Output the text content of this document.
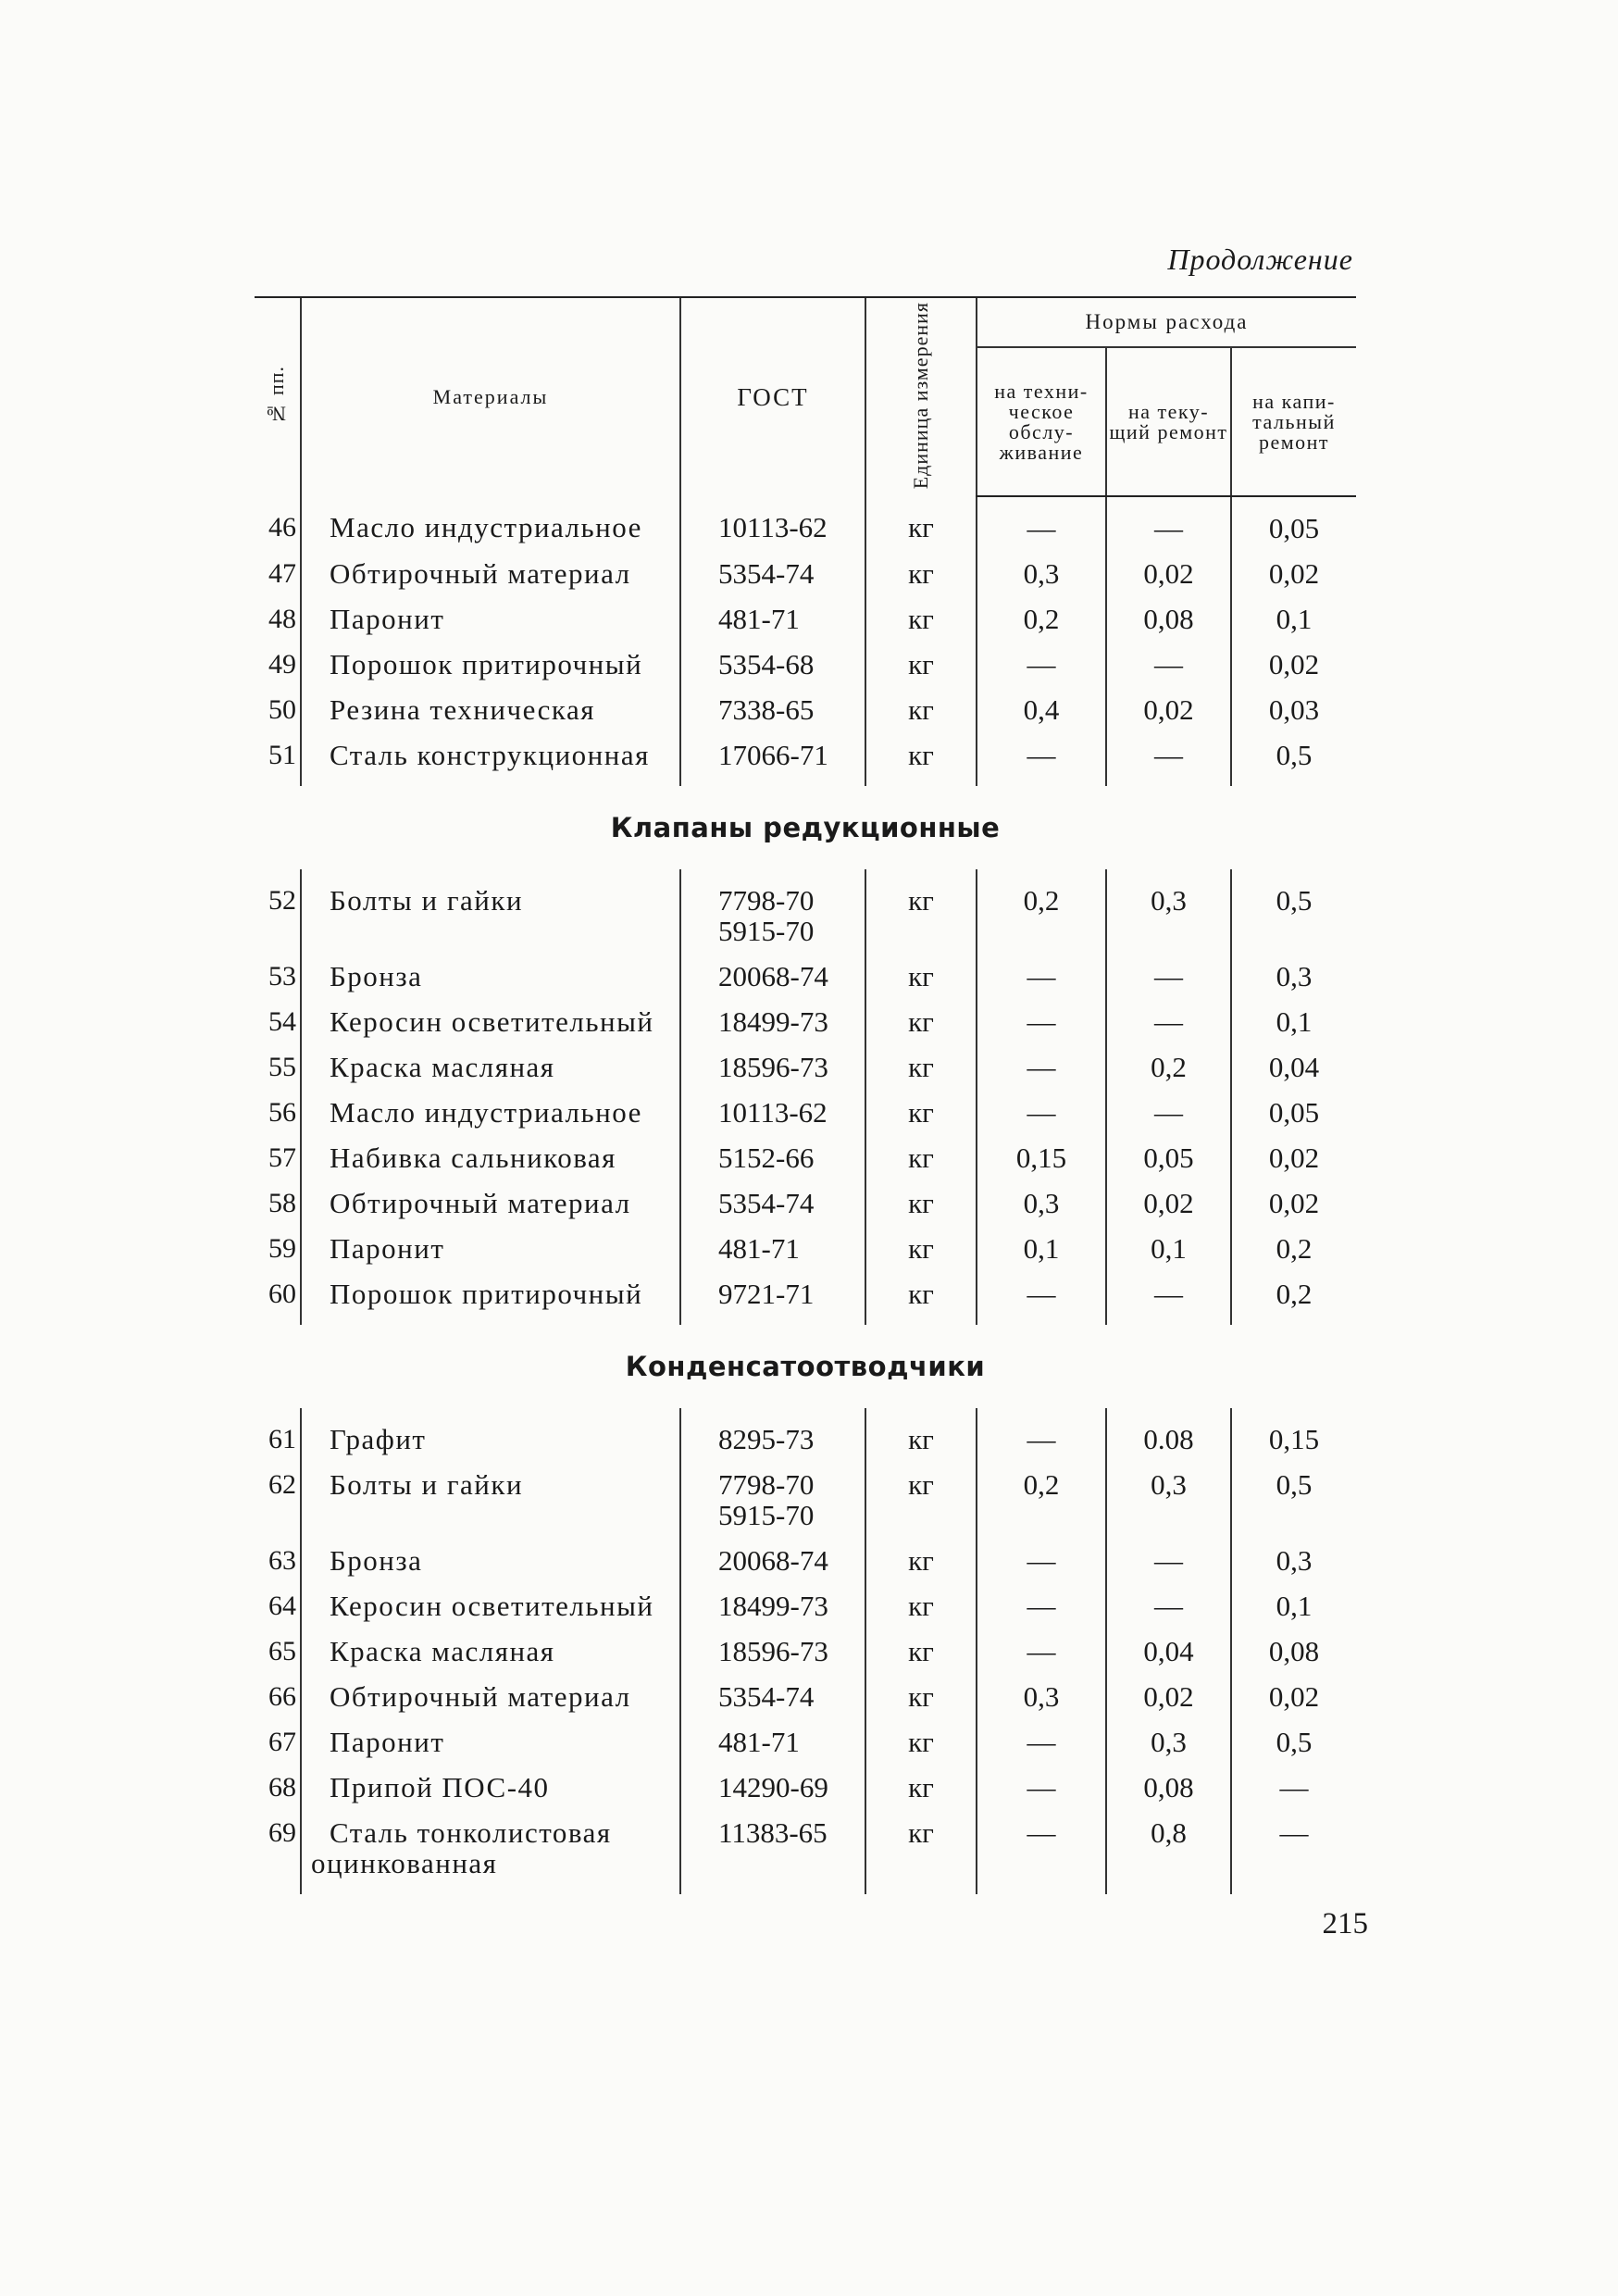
Продолжение
№ пп.	Материалы	ГОСТ	Единица измерения	Нормы расхода		
				на техни- ческое обслу- живание	на теку- щий ремонт	на капи- тальный ремонт

46	Масло индустриальное	10113-62	кг	—	—	0,05

47	Обтирочный материал	5354-74	кг	0,3	0,02	0,02

48	Паронит	481-71	кг	0,2	0,08	0,1

49	Порошок притирочный	5354-68	кг	—	—	0,02

50	Резина техническая	7338-65	кг	0,4	0,02	0,03

51	Сталь конструкционная	17066-71	кг	—	—	0,5

Клапаны редукционные						

52	Болты и гайки	7798-70
5915-70	кг	0,2	0,3	0,5

53	Бронза	20068-74	кг	—	—	0,3

54	Керосин осветительный	18499-73	кг	—	—	0,1

55	Краска масляная	18596-73	кг	—	0,2	0,04

56	Масло индустриальное	10113-62	кг	—	—	0,05

57	Набивка сальниковая	5152-66	кг	0,15	0,05	0,02

58	Обтирочный материал	5354-74	кг	0,3	0,02	0,02

59	Паронит	481-71	кг	0,1	0,1	0,2

60	Порошок притирочный	9721-71	кг	—	—	0,2

Конденсатоотводчики						

61	Графит	8295-73	кг	—	0.08	0,15

62	Болты и гайки	7798-70
5915-70	кг	0,2	0,3	0,5

63	Бронза	20068-74	кг	—	—	0,3

64	Керосин осветительный	18499-73	кг	—	—	0,1

65	Краска масляная	18596-73	кг	—	0,04	0,08

66	Обтирочный материал	5354-74	кг	0,3	0,02	0,02

67	Паронит	481-71	кг	—	0,3	0,5

68	Припой ПОС-40	14290-69	кг	—	0,08	—

69	Сталь тонколистовая
оцинкованная	11383-65	кг	—	0,8	—
215
